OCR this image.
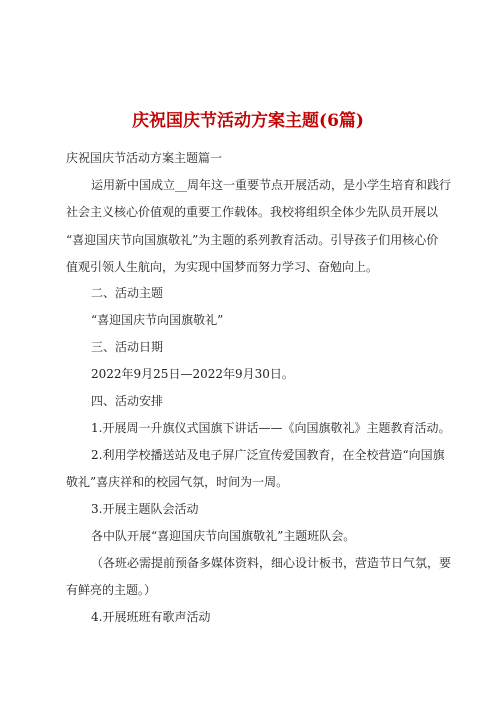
庆祝国庆节活动方案主题(6篇)
庆祝国庆节活动方案主题篇一
运用新中国成立__周年这一重要节点开展活动，是小学生培育和践行
社会主义核心价值观的重要工作载体。我校将组织全体少先队员开展以
“喜迎国庆节向国旗敬礼”为主题的系列教育活动。引导孩子们用核心价
值观引领人生航向，为实现中国梦而努力学习、奋勉向上。
二、活动主题
“喜迎国庆节向国旗敬礼”
三、活动日期
2022年9月25日—2022年9月30日。
四、活动安排
1.开展周一升旗仪式国旗下讲话——《向国旗敬礼》主题教育活动。
2.利用学校播送站及电子屏广泛宣传爱国教育，在全校营造“向国旗
敬礼”喜庆祥和的校园气氛，时间为一周。
3.开展主题队会活动
各中队开展“喜迎国庆节向国旗敬礼”主题班队会。
（各班必需提前预备多媒体资料，细心设计板书，营造节日气氛，要
有鲜亮的主题。）
4.开展班班有歌声活动
